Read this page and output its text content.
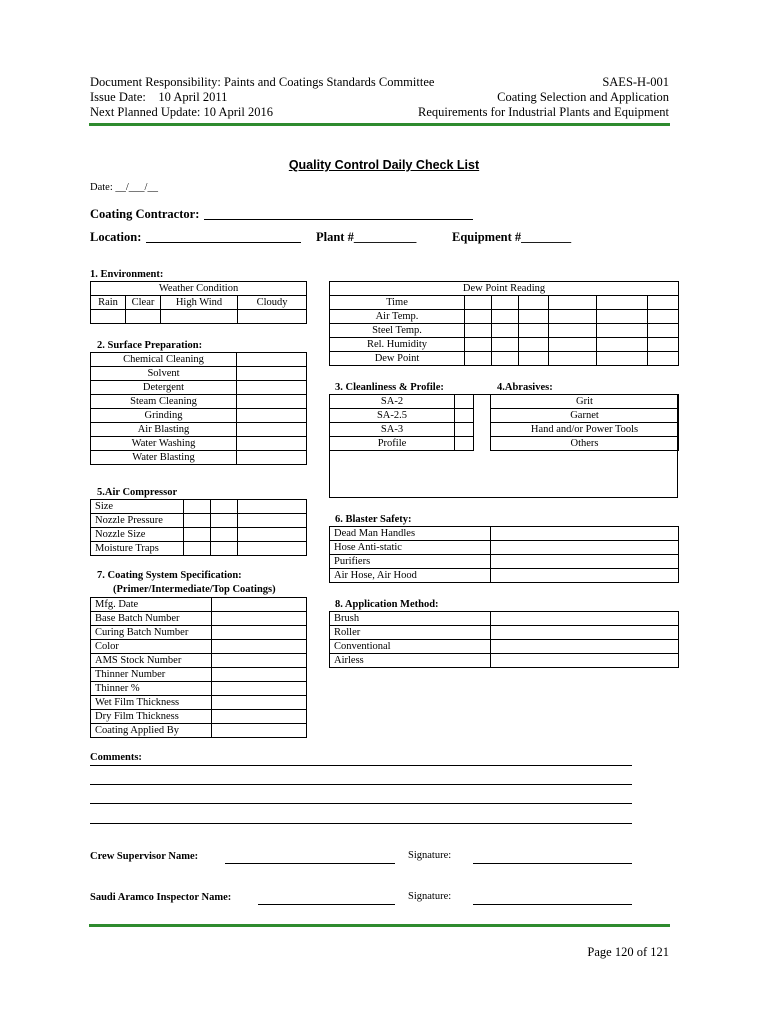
Document Responsibility: Paints and Coatings Standards Committee
Issue Date:    10 April 2011
Next Planned Update: 10 April 2016
SAES-H-001
Coating Selection and Application
Requirements for Industrial Plants and Equipment
Quality Control Daily Check List
Date: __/___/__
Coating Contractor:
Location:	Plant #__________	Equipment #________
1. Environment:
Weather Condition			
Rain	Clear	High Wind	Cloudy

Dew Point Reading						
Time						
Air Temp.						
Steel Temp.						
Rel. Humidity						
Dew Point						
2. Surface Preparation:
Chemical Cleaning	
Solvent	
Detergent	
Steam Cleaning	
Grinding	
Air Blasting	
Water Washing	
Water Blasting	
3. Cleanliness & Profile:	4.Abrasives:
SA-2	
SA-2.5	
SA-3	
Profile	
Grit
Garnet
Hand and/or Power Tools
Others
5.Air Compressor
Size			
Nozzle Pressure			
Nozzle Size			
Moisture Traps			
6. Blaster Safety:
Dead Man Handles	
Hose Anti-static	
Purifiers	
Air Hose, Air Hood	
7. Coating System Specification:
(Primer/Intermediate/Top Coatings)
Mfg. Date	
Base Batch Number	
Curing Batch Number	
Color	
AMS Stock Number	
Thinner Number	
Thinner %	
Wet Film Thickness	
Dry Film Thickness	
Coating Applied By	
8. Application Method:
Brush	
Roller	
Conventional	
Airless	
Comments:
Crew Supervisor Name:	Signature:
Saudi Aramco Inspector Name:	Signature:
Page 120 of 121
